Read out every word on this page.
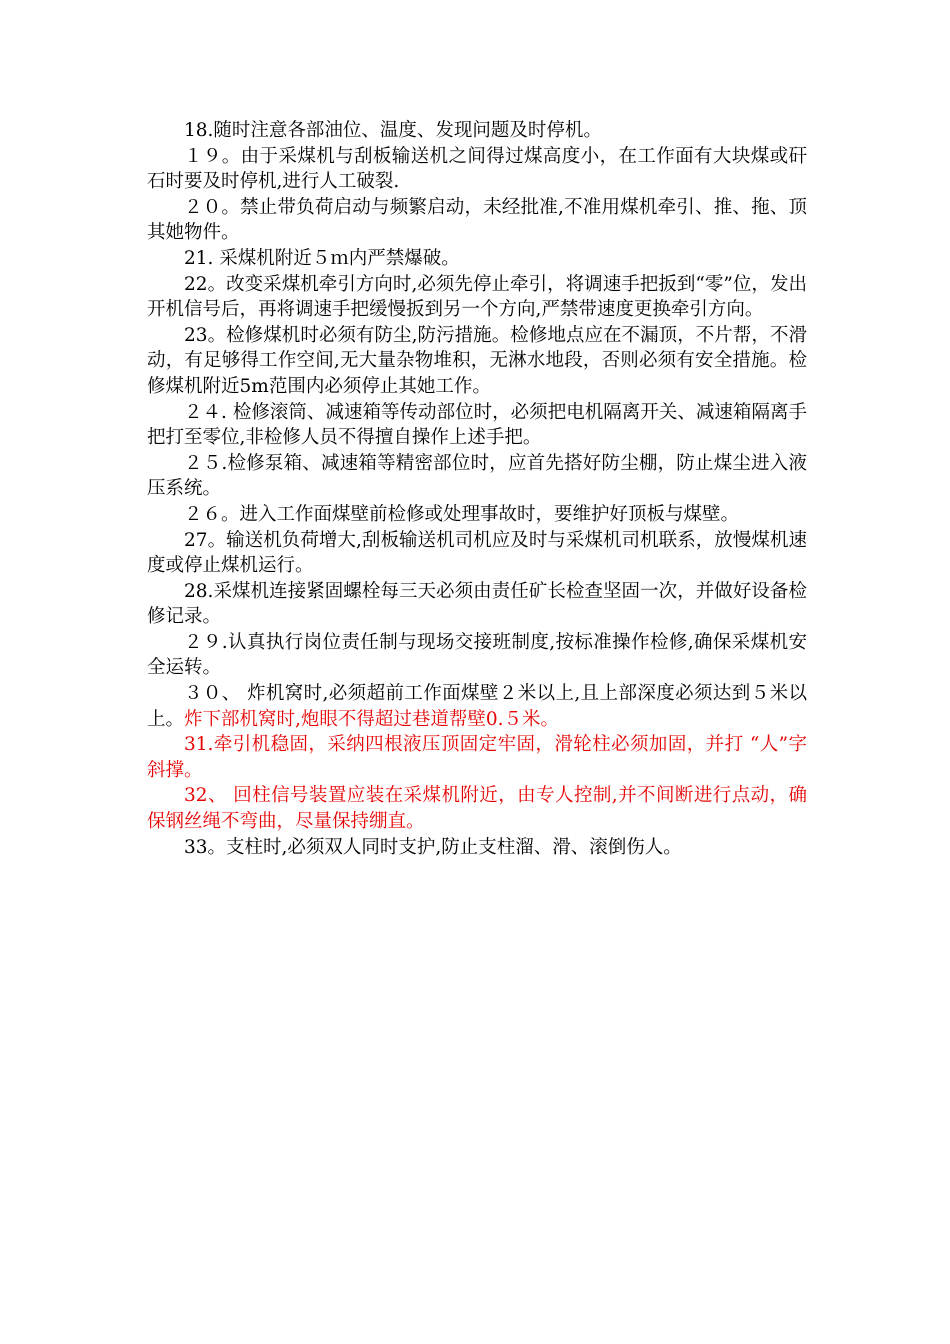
18.随时注意各部油位、温度、发现问题及时停机。

１９。由于采煤机与刮板输送机之间得过煤高度小，在工作面有大块煤或矸石时要及时停机,进行人工破裂.

２０。禁止带负荷启动与频繁启动，未经批准,不准用煤机牵引、推、拖、顶其她物件。

21. 采煤机附近５ｍ内严禁爆破。

22。改变采煤机牵引方向时,必须先停止牵引，将调速手把扳到“零”位，发出开机信号后，再将调速手把缓慢扳到另一个方向,严禁带速度更换牵引方向。

23。检修煤机时必须有防尘,防污措施。检修地点应在不漏顶，不片帮，不滑动，有足够得工作空间,无大量杂物堆积，无淋水地段，否则必须有安全措施。检修煤机附近5m范围内必须停止其她工作。

２４. 检修滚筒、减速箱等传动部位时，必须把电机隔离开关、减速箱隔离手把打至零位,非检修人员不得擅自操作上述手把。

２５.检修泵箱、减速箱等精密部位时，应首先搭好防尘棚，防止煤尘进入液压系统。

２６。进入工作面煤壁前检修或处理事故时，要维护好顶板与煤壁。

27。输送机负荷增大,刮板输送机司机应及时与采煤机司机联系，放慢煤机速度或停止煤机运行。

28.采煤机连接紧固螺栓每三天必须由责任矿长检查坚固一次，并做好设备检修记录。

２９.认真执行岗位责任制与现场交接班制度,按标准操作检修,确保采煤机安全运转。

３０、 炸机窝时,必须超前工作面煤壁２米以上,且上部深度必须达到５米以上。炸下部机窝时,炮眼不得超过巷道帮壁0.５米。

31.牵引机稳固，采纳四根液压顶固定牢固，滑轮柱必须加固，并打 “人”字斜撑。

32、 回柱信号装置应装在采煤机附近，由专人控制,并不间断进行点动，确保钢丝绳不弯曲，尽量保持绷直。

33。支柱时,必须双人同时支护,防止支柱溜、滑、滚倒伤人。
